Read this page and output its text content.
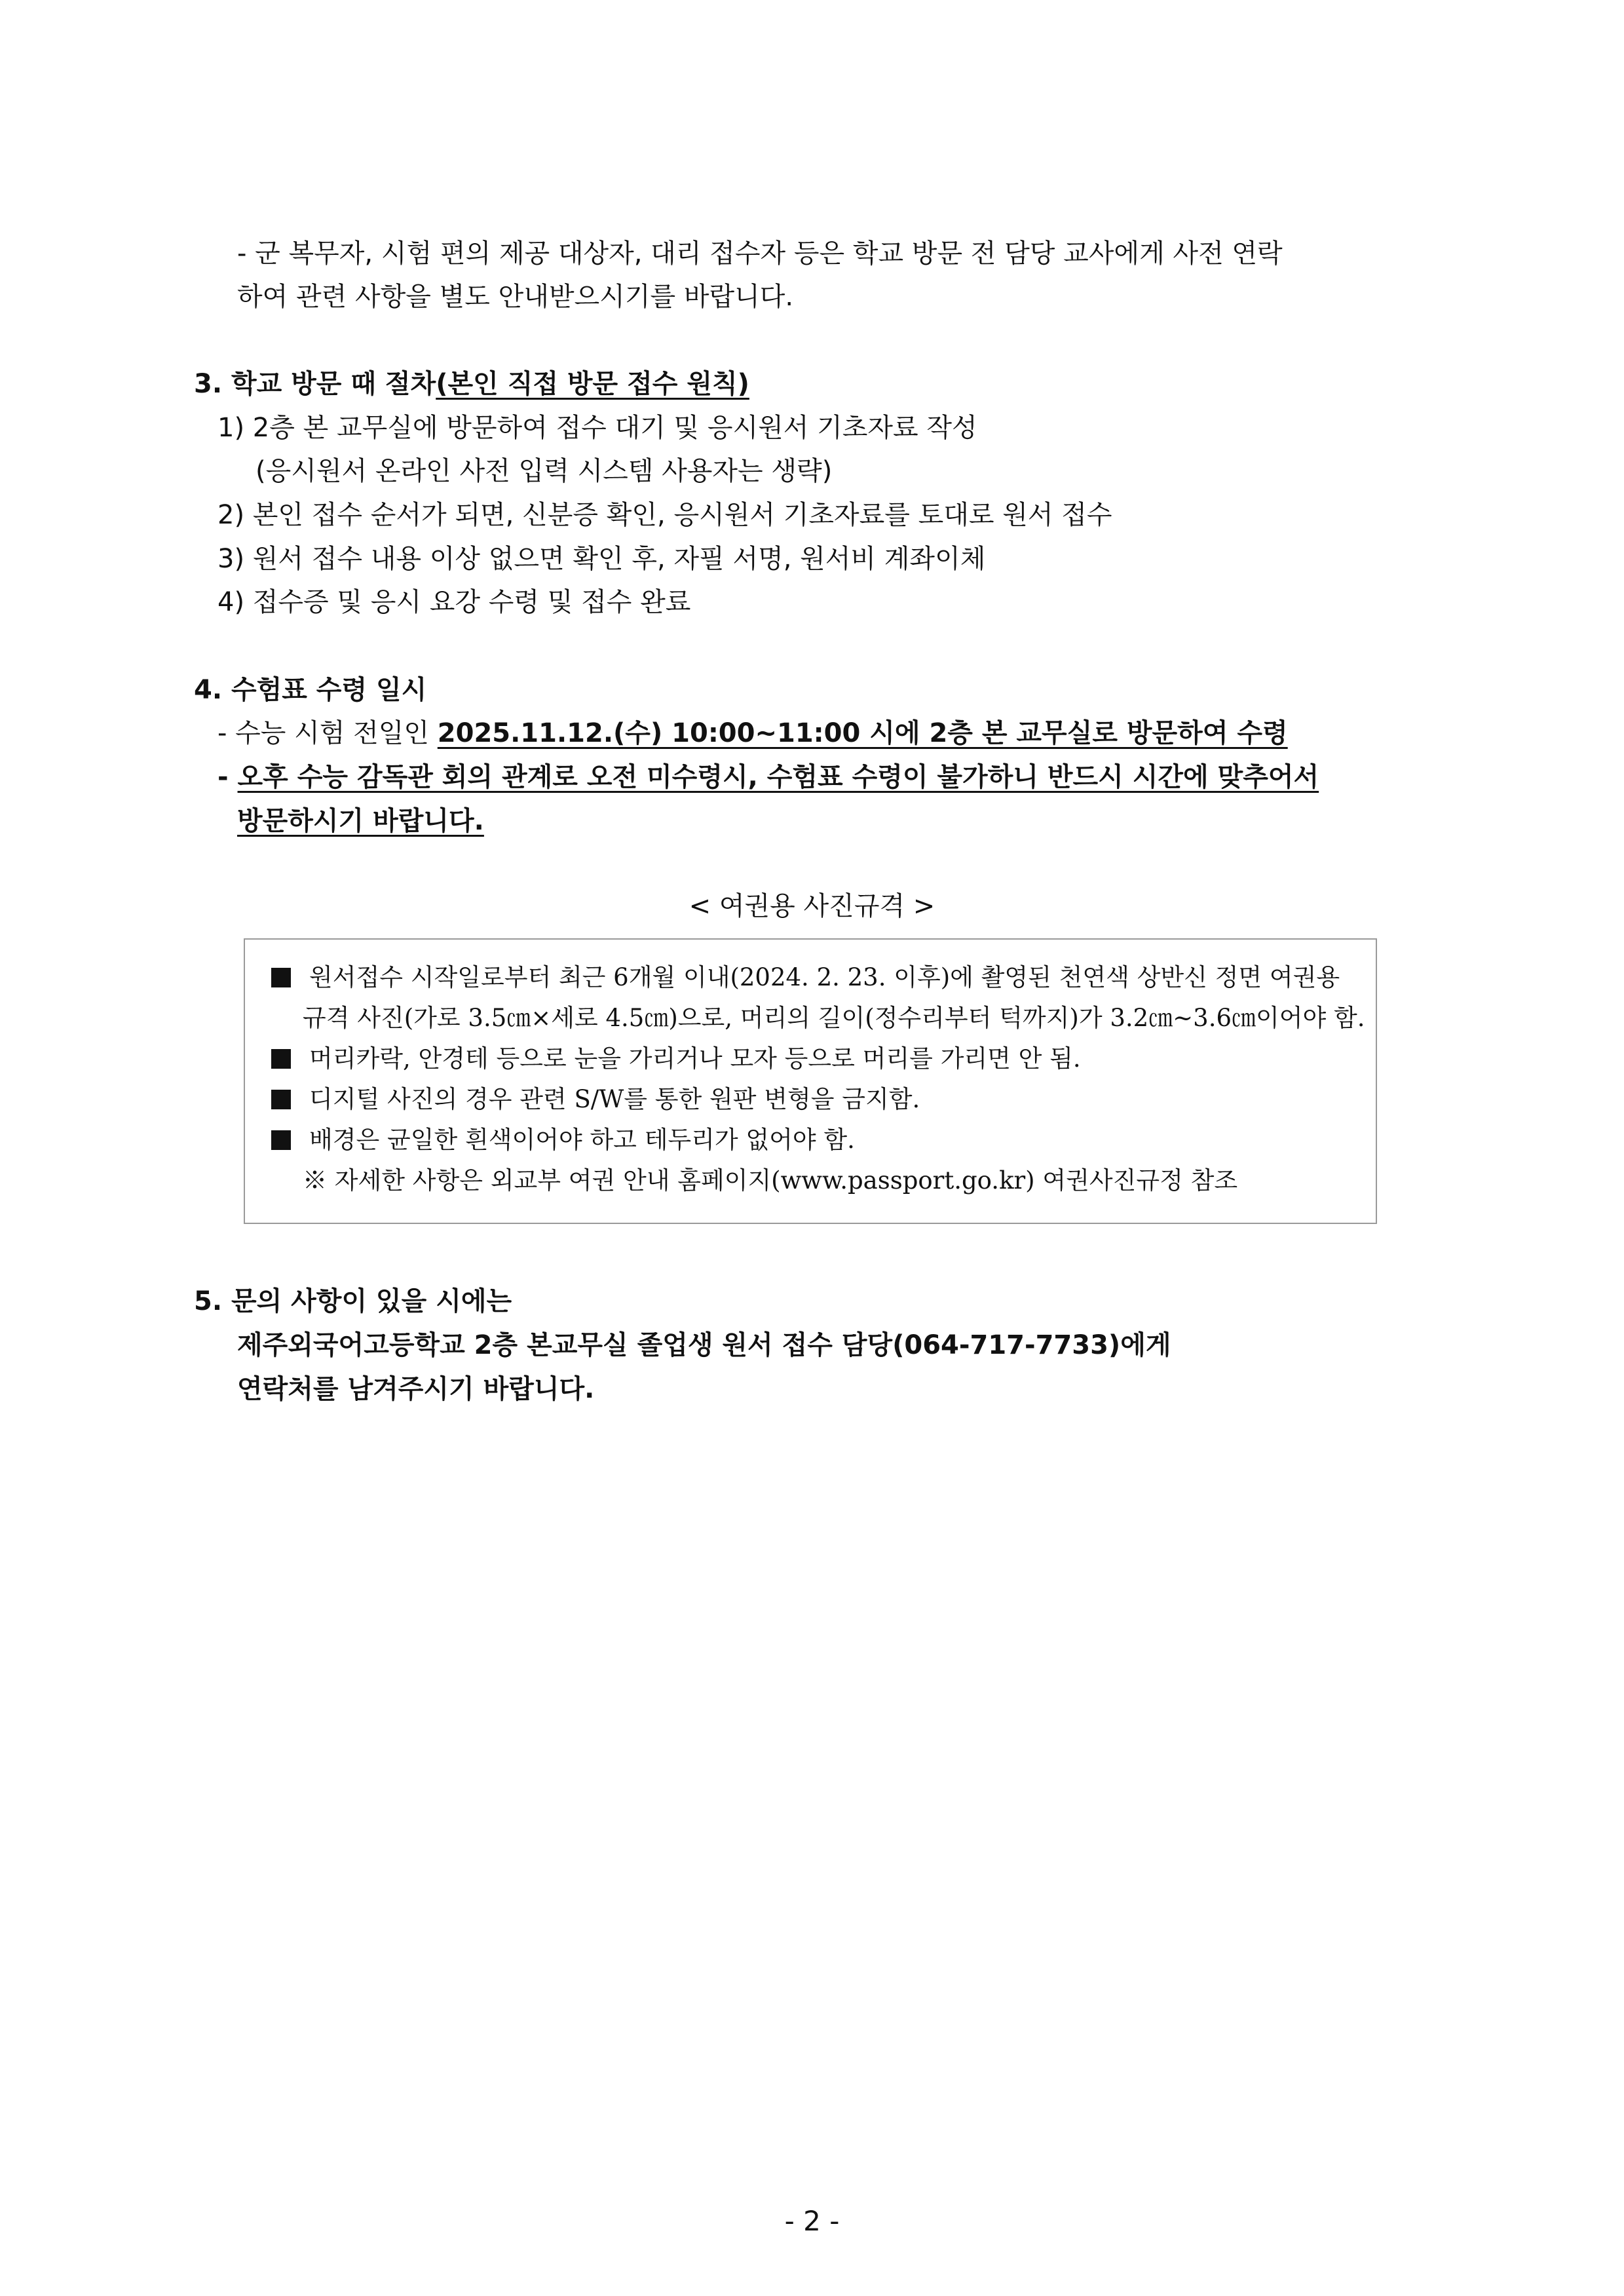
- 군 복무자, 시험 편의 제공 대상자, 대리 접수자 등은 학교 방문 전 담당 교사에게 사전 연락
하여 관련 사항을 별도 안내받으시기를 바랍니다.
3. 학교 방문 때 절차(본인 직접 방문 접수 원칙)
1) 2층 본 교무실에 방문하여 접수 대기 및 응시원서 기초자료 작성
(응시원서 온라인 사전 입력 시스템 사용자는 생략)
2) 본인 접수 순서가 되면, 신분증 확인, 응시원서 기초자료를 토대로 원서 접수
3) 원서 접수 내용 이상 없으면 확인 후, 자필 서명, 원서비 계좌이체
4) 접수증 및 응시 요강 수령 및 접수 완료
4. 수험표 수령 일시
- 수능 시험 전일인 2025.11.12.(수) 10:00~11:00 시에 2층 본 교무실로 방문하여 수령
- 오후 수능 감독관 회의 관계로 오전 미수령시, 수험표 수령이 불가하니 반드시 시간에 맞추어서
방문하시기 바랍니다.
< 여권용 사진규격 >
원서접수 시작일로부터 최근 6개월 이내(2024. 2. 23. 이후)에 촬영된 천연색 상반신 정면 여권용
규격 사진(가로 3.5㎝×세로 4.5㎝)으로, 머리의 길이(정수리부터 턱까지)가 3.2㎝~3.6㎝이어야 함.
머리카락, 안경테 등으로 눈을 가리거나 모자 등으로 머리를 가리면 안 됨.
디지털 사진의 경우 관련 S/W를 통한 원판 변형을 금지함.
배경은 균일한 흰색이어야 하고 테두리가 없어야 함.
※ 자세한 사항은 외교부 여권 안내 홈페이지(www.passport.go.kr) 여권사진규정 참조
5. 문의 사항이 있을 시에는
제주외국어고등학교 2층 본교무실 졸업생 원서 접수 담당(064-717-7733)에게
연락처를 남겨주시기 바랍니다.
- 2 -
